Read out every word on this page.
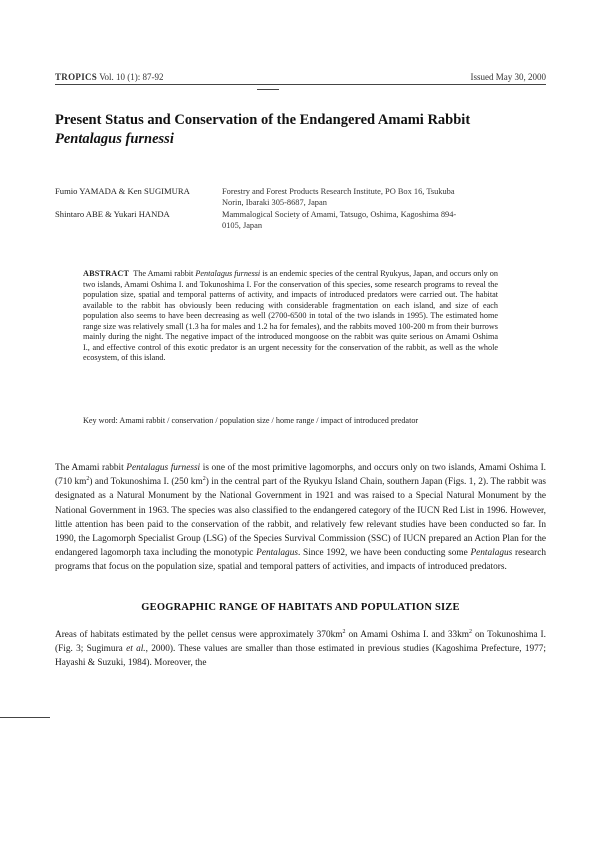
TROPICS Vol. 10 (1): 87-92	Issued May 30, 2000
Present Status and Conservation of the Endangered Amami Rabbit Pentalagus furnessi
Fumio YAMADA & Ken SUGIMURA	Forestry and Forest Products Research Institute, PO Box 16, Tsukuba Norin, Ibaraki 305-8687, Japan
Shintaro ABE & Yukari HANDA	Mammalogical Society of Amami, Tatsugo, Oshima, Kagoshima 894-0105, Japan
ABSTRACT The Amami rabbit Pentalagus furnessi is an endemic species of the central Ryukyus, Japan, and occurs only on two islands, Amami Oshima I. and Tokunoshima I. For the conservation of this species, some research programs to reveal the population size, spatial and temporal patterns of activity, and impacts of introduced predators were carried out. The habitat available to the rabbit has obviously been reducing with considerable fragmentation on each island, and size of each population also seems to have been decreasing as well (2700-6500 in total of the two islands in 1995). The estimated home range size was relatively small (1.3 ha for males and 1.2 ha for females), and the rabbits moved 100-200 m from their burrows mainly during the night. The negative impact of the introduced mongoose on the rabbit was quite serious on Amami Oshima I., and effective control of this exotic predator is an urgent necessity for the conservation of the rabbit, as well as the whole ecosystem, of this island.
Key word: Amami rabbit / conservation / population size / home range / impact of introduced predator
The Amami rabbit Pentalagus furnessi is one of the most primitive lagomorphs, and occurs only on two islands, Amami Oshima I. (710 $km^2$) and Tokunoshima I. (250 $km^2$) in the central part of the Ryukyu Island Chain, southern Japan (Figs. 1, 2). The rabbit was designated as a Natural Monument by the National Government in 1921 and was raised to a Special Natural Monument by the National Government in 1963. The species was also classified to the endangered category of the IUCN Red List in 1996. However, little attention has been paid to the conservation of the rabbit, and relatively few relevant studies have been conducted so far. In 1990, the Lagomorph Specialist Group (LSG) of the Species Survival Commission (SSC) of IUCN prepared an Action Plan for the endangered lagomorph taxa including the monotypic Pentalagus. Since 1992, we have been conducting some Pentalagus research programs that focus on the population size, spatial and temporal patters of activities, and impacts of introduced predators.
GEOGRAPHIC RANGE OF HABITATS AND POPULATION SIZE
Areas of habitats estimated by the pellet census were approximately $370km^2$ on Amami Oshima I. and $33km^2$ on Tokunoshima I. (Fig. 3; Sugimura et al., 2000). These values are smaller than those estimated in previous studies (Kagoshima Prefecture, 1977; Hayashi & Suzuki, 1984). Moreover, the
